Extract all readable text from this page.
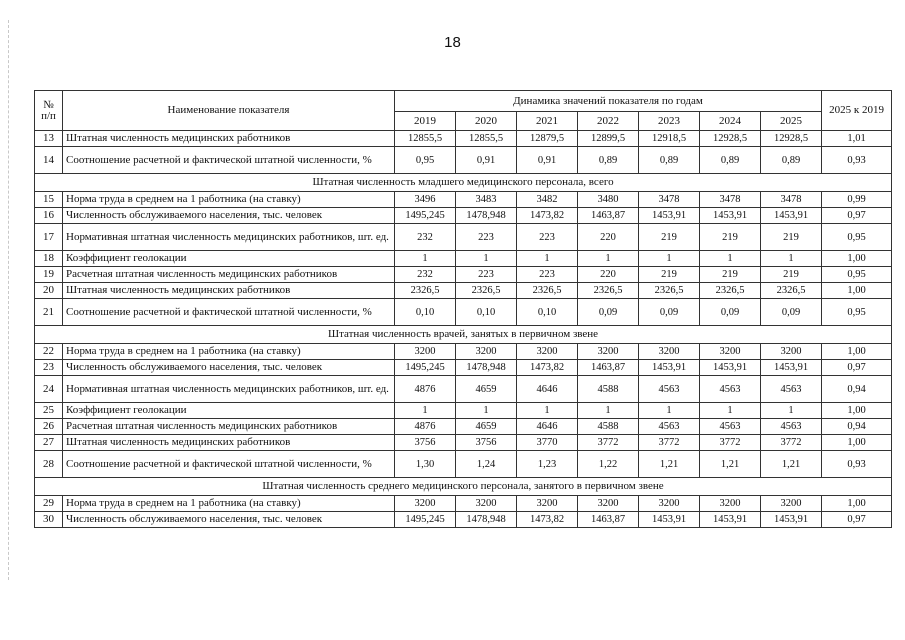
18
№ п/п	Наименование показателя	Динамика значений показателя по годам							2025 к 2019
		2019	2020	2021	2022	2023	2024	2025	
13	Штатная численность медицинских работников	12855,5	12855,5	12879,5	12899,5	12918,5	12928,5	12928,5	1,01
14	Соотношение расчетной и фактической штатной численности, %	0,95	0,91	0,91	0,89	0,89	0,89	0,89	0,93
Штатная численность младшего медицинского персонала, всего									
15	Норма труда в среднем на 1 работника (на ставку)	3496	3483	3482	3480	3478	3478	3478	0,99
16	Численность обслуживаемого населения, тыс. человек	1495,245	1478,948	1473,82	1463,87	1453,91	1453,91	1453,91	0,97
17	Нормативная штатная численность медицинских работников, шт. ед.	232	223	223	220	219	219	219	0,95
18	Коэффициент геолокации	1	1	1	1	1	1	1	1,00
19	Расчетная штатная численность медицинских работников	232	223	223	220	219	219	219	0,95
20	Штатная численность медицинских работников	2326,5	2326,5	2326,5	2326,5	2326,5	2326,5	2326,5	1,00
21	Соотношение расчетной и фактической штатной численности, %	0,10	0,10	0,10	0,09	0,09	0,09	0,09	0,95
Штатная численность врачей, занятых в первичном звене									
22	Норма труда в среднем на 1 работника (на ставку)	3200	3200	3200	3200	3200	3200	3200	1,00
23	Численность обслуживаемого населения, тыс. человек	1495,245	1478,948	1473,82	1463,87	1453,91	1453,91	1453,91	0,97
24	Нормативная штатная численность медицинских работников, шт. ед.	4876	4659	4646	4588	4563	4563	4563	0,94
25	Коэффициент геолокации	1	1	1	1	1	1	1	1,00
26	Расчетная штатная численность медицинских работников	4876	4659	4646	4588	4563	4563	4563	0,94
27	Штатная численность медицинских работников	3756	3756	3770	3772	3772	3772	3772	1,00
28	Соотношение расчетной и фактической штатной численности, %	1,30	1,24	1,23	1,22	1,21	1,21	1,21	0,93
Штатная численность среднего медицинского персонала, занятого в первичном звене									
29	Норма труда в среднем на 1 работника (на ставку)	3200	3200	3200	3200	3200	3200	3200	1,00
30	Численность обслуживаемого населения, тыс. человек	1495,245	1478,948	1473,82	1463,87	1453,91	1453,91	1453,91	0,97
